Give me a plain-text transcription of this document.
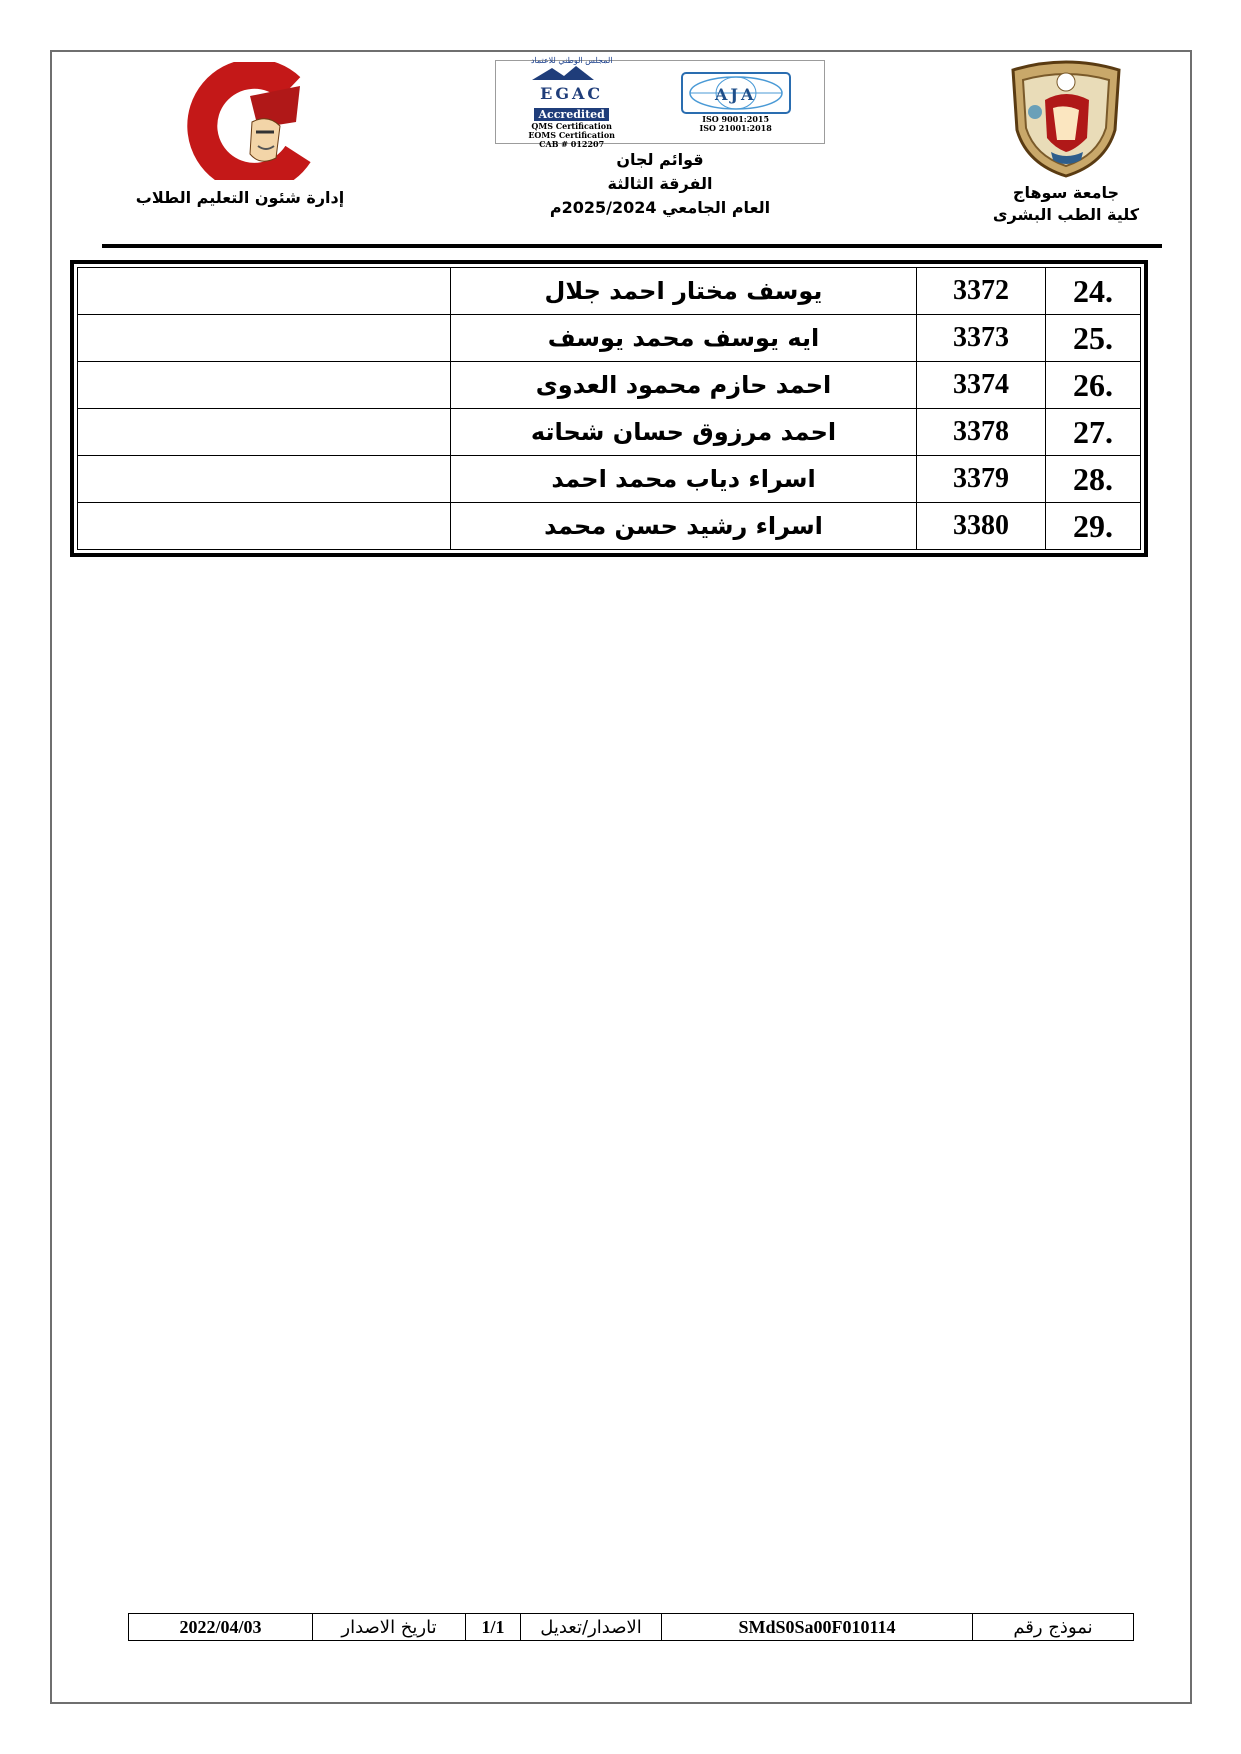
جامعة سوهاج
كلية الطب البشرى
المجلس الوطني للاعتماد
EGAC
Accredited
QMS Certification
EOMS Certification
CAB # 012207
ISO 9001:2015
ISO 21001:2018
قوائم لجان
الفرقة الثالثة
العام الجامعي 2025/2024م
إدارة شئون التعليم الطلاب
.24	3372	يوسف مختار احمد جلال	
.25	3373	ايه يوسف محمد يوسف	
.26	3374	احمد حازم محمود العدوى	
.27	3378	احمد مرزوق حسان شحاته	
.28	3379	اسراء دياب محمد احمد	
.29	3380	اسراء رشيد حسن محمد	
نموذج رقم	SMdS0Sa00F010114	الاصدار/تعديل	1/1	تاريخ الاصدار	2022/04/03
